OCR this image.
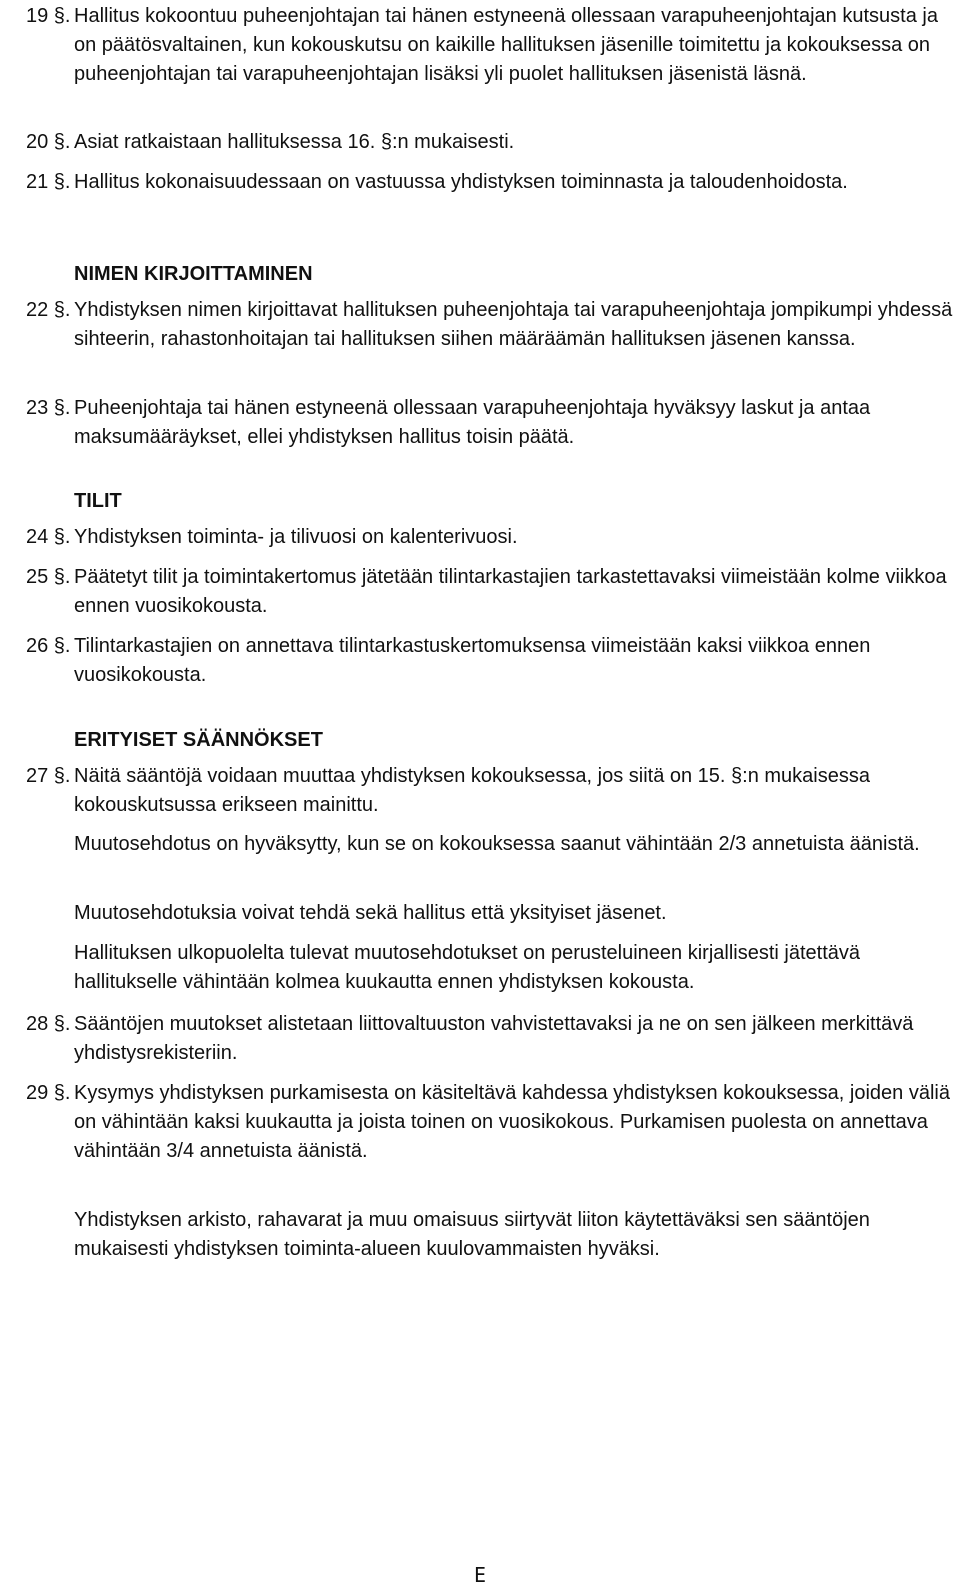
19 §. Hallitus kokoontuu puheenjohtajan tai hänen estyneenä ollessaan varapuheenjohtajan kutsusta ja on päätösvaltainen, kun kokouskutsu on kaikille hallituksen jäsenille toimitettu ja kokouksessa on puheenjohtajan tai varapuheenjohtajan lisäksi yli puolet hallituksen jäsenistä läsnä.
20 §. Asiat ratkaistaan hallituksessa 16. §:n mukaisesti.
21 §. Hallitus kokonaisuudessaan on vastuussa yhdistyksen toiminnasta ja taloudenhoidosta.
NIMEN KIRJOITTAMINEN
22 §. Yhdistyksen nimen kirjoittavat hallituksen puheenjohtaja tai varapuheenjohtaja jompikumpi yhdessä sihteerin, rahastonhoitajan tai hallituksen siihen määräämän hallituksen jäsenen kanssa.
23 §. Puheenjohtaja tai hänen estyneenä ollessaan varapuheenjohtaja hyväksyy laskut ja antaa maksumääräykset, ellei yhdistyksen hallitus toisin päätä.
TILIT
24 §. Yhdistyksen toiminta- ja tilivuosi on kalenterivuosi.
25 §. Päätetyt tilit ja toimintakertomus jätetään tilintarkastajien tarkastettavaksi viimeistään kolme viikkoa ennen vuosikokousta.
26 §. Tilintarkastajien on annettava tilintarkastuskertomuksensa viimeistään kaksi viikkoa ennen vuosikokousta.
ERITYISET SÄÄNNÖKSET
27 §. Näitä sääntöjä voidaan muuttaa yhdistyksen kokouksessa, jos siitä on 15. §:n mukaisessa kokouskutsussa erikseen mainittu.
Muutosehdotus on hyväksytty, kun se on kokouksessa saanut vähintään 2/3 annetuista äänistä.
Muutosehdotuksia voivat tehdä sekä hallitus että yksityiset jäsenet.
Hallituksen ulkopuolelta tulevat muutosehdotukset on perusteluineen kirjallisesti jätettävä hallitukselle vähintään kolmea kuukautta ennen yhdistyksen kokousta.
28 §. Sääntöjen muutokset alistetaan liittovaltuuston vahvistettavaksi ja ne on sen jälkeen merkittävä yhdistysrekisteriin.
29 §. Kysymys yhdistyksen purkamisesta on käsiteltävä kahdessa yhdistyksen kokouksessa, joiden väliä on vähintään kaksi kuukautta ja joista toinen on vuosikokous. Purkamisen puolesta on annettava vähintään 3/4 annetuista äänistä.
Yhdistyksen arkisto, rahavarat ja muu omaisuus siirtyvät liiton käytettäväksi sen sääntöjen mukaisesti yhdistyksen toiminta-alueen kuulovammaisten hyväksi.
E
